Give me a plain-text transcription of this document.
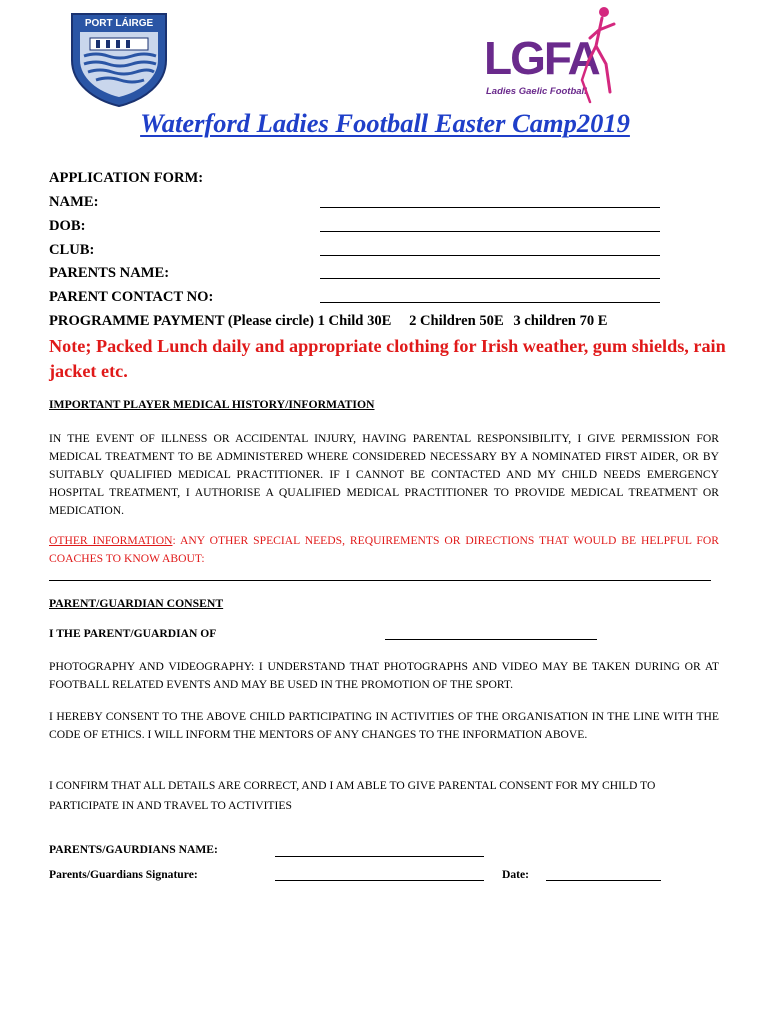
PORT LÁIRGE
LGFA
Ladies Gaelic Football
Waterford Ladies Football Easter Camp2019
APPLICATION FORM:
NAME:
DOB:
CLUB:
PARENTS NAME:
PARENT CONTACT NO:
PROGRAMME PAYMENT (Please circle) 1 Child 30E 2 Children 50E 3 children 70 E
Note; Packed Lunch daily and appropriate clothing for Irish weather, gum shields, rain jacket etc.
IMPORTANT PLAYER MEDICAL HISTORY/INFORMATION
IN THE EVENT OF ILLNESS OR ACCIDENTAL INJURY, HAVING PARENTAL RESPONSIBILITY, I GIVE PERMISSION FOR MEDICAL TREATMENT TO BE ADMINISTERED WHERE CONSIDERED NECESSARY BY A NOMINATED FIRST AIDER, OR BY SUITABLY QUALIFIED MEDICAL PRACTITIONER. IF I CANNOT BE CONTACTED AND MY CHILD NEEDS EMERGENCY HOSPITAL TREATMENT, I AUTHORISE A QUALIFIED MEDICAL PRACTITIONER TO PROVIDE MEDICAL TREATMENT OR MEDICATION.
OTHER INFORMATION: ANY OTHER SPECIAL NEEDS, REQUIREMENTS OR DIRECTIONS THAT WOULD BE HELPFUL FOR COACHES TO KNOW ABOUT:
PARENT/GUARDIAN CONSENT
I THE PARENT/GUARDIAN OF
PHOTOGRAPHY AND VIDEOGRAPHY: I UNDERSTAND THAT PHOTOGRAPHS AND VIDEO MAY BE TAKEN DURING OR AT FOOTBALL RELATED EVENTS AND MAY BE USED IN THE PROMOTION OF THE SPORT.
I HEREBY CONSENT TO THE ABOVE CHILD PARTICIPATING IN ACTIVITIES OF THE ORGANISATION IN THE LINE WITH THE CODE OF ETHICS. I WILL INFORM THE MENTORS OF ANY CHANGES TO THE INFORMATION ABOVE.
I CONFIRM THAT ALL DETAILS ARE CORRECT, AND I AM ABLE TO GIVE PARENTAL CONSENT FOR MY CHILD TO PARTICIPATE IN AND TRAVEL TO ACTIVITIES
PARENTS/GAURDIANS NAME:
Parents/Guardians Signature:	Date:
